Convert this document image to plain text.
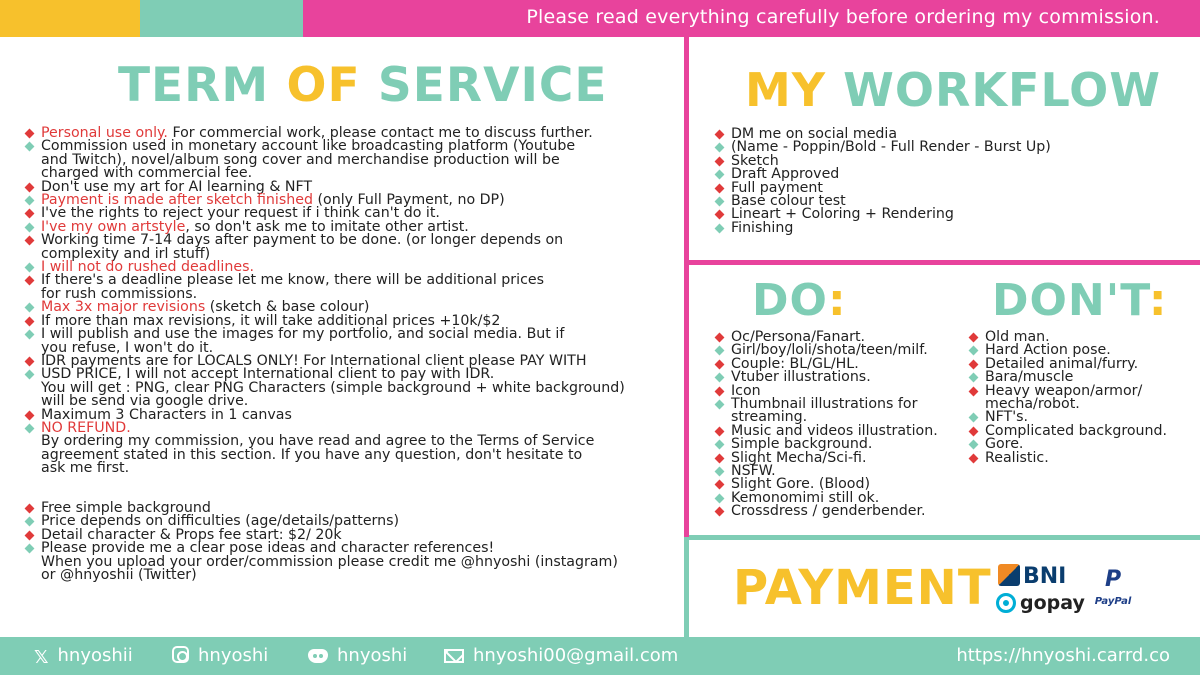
Please read everything carefully before ordering my commission.
TERM OF SERVICE
Personal use only. For commercial work, please contact me to discuss further.
Commission used in monetary account like broadcasting platform (Youtube
and Twitch), novel/album song cover and merchandise production will be
charged with commercial fee.
Don't use my art for AI learning & NFT
Payment is made after sketch finished (only Full Payment, no DP)
I've the rights to reject your request if i think can't do it.
I've my own artstyle, so don't ask me to imitate other artist.
Working time 7-14 days after payment to be done. (or longer depends on
complexity and irl stuff)
I will not do rushed deadlines.
If there's a deadline please let me know, there will be additional prices
for rush commissions.
Max 3x major revisions (sketch & base colour)
If more than max revisions, it will take additional prices +10k/$2
I will publish and use the images for my portfolio, and social media. But if
you refuse, I won't do it.
IDR payments are for LOCALS ONLY! For International client please PAY WITH
USD PRICE, I will not accept International client to pay with IDR.
You will get : PNG, clear PNG Characters (simple background + white background)
will be send via google drive.
Maximum 3 Characters in 1 canvas
NO REFUND.
By ordering my commission, you have read and agree to the Terms of Service
agreement stated in this section. If you have any question, don't hesitate to
ask me first.
Free simple background
Price depends on difficulties (age/details/patterns)
Detail character & Props fee start: $2/ 20k
Please provide me a clear pose ideas and character references!
When you upload your order/commission please credit me @hnyoshi (instagram)
or @hnyoshii (Twitter)
MY WORKFLOW
DM me on social media
(Name - Poppin/Bold - Full Render - Burst Up)
Sketch
Draft Approved
Full payment
Base colour test
Lineart + Coloring + Rendering
Finishing
DO:	DON'T:
Oc/Persona/Fanart.
Girl/boy/loli/shota/teen/milf.
Couple: BL/GL/HL.
Vtuber illustrations.
Icon
Thumbnail illustrations for
streaming.
Music and videos illustration.
Simple background.
Slight Mecha/Sci-fi.
NSFW.
Slight Gore. (Blood)
Kemonomimi still ok.
Crossdress / genderbender.
Old man.
Hard Action pose.
Detailed animal/furry.
Bara/muscle
Heavy weapon/armor/
mecha/robot.
NFT's.
Complicated background.
Gore.
Realistic.
PAYMENT	BNI
gopay
P
PayPal
𝕏 hnyoshii	hnyoshi	hnyoshi	hnyoshi00@gmail.com	https://hnyoshi.carrd.co
